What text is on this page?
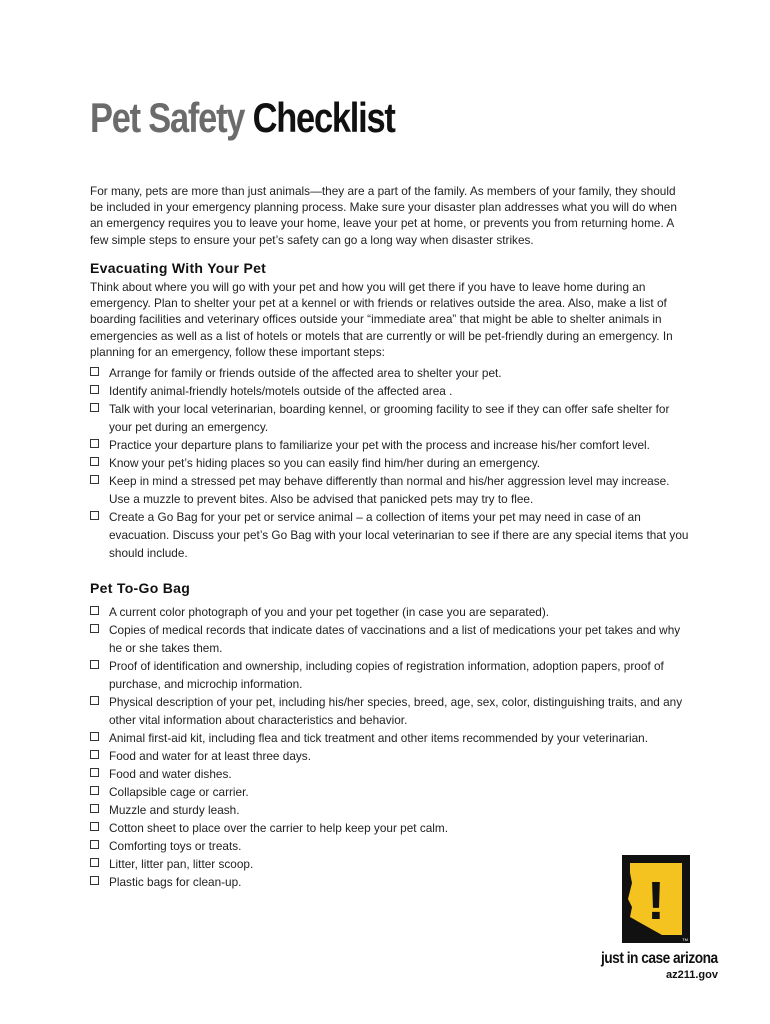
Pet Safety Checklist

For many, pets are more than just animals—they are a part of the family. As members of your family, they should be included in your emergency planning process. Make sure your disaster plan addresses what you will do when an emergency requires you to leave your home, leave your pet at home, or prevents you from returning home. A few simple steps to ensure your pet’s safety can go a long way when disaster strikes.

Evacuating With Your Pet

Think about where you will go with your pet and how you will get there if you have to leave home during an emergency. Plan to shelter your pet at a kennel or with friends or relatives outside the area. Also, make a list of boarding facilities and veterinary offices outside your “immediate area” that might be able to shelter animals in emergencies as well as a list of hotels or motels that are currently or will be pet-friendly during an emergency. In planning for an emergency, follow these important steps:

Arrange for family or friends outside of the affected area to shelter your pet.
Identify animal-friendly hotels/motels outside of the affected area .
Talk with your local veterinarian, boarding kennel, or grooming facility to see if they can offer safe shelter for your pet during an emergency.
Practice your departure plans to familiarize your pet with the process and increase his/her comfort level.
Know your pet’s hiding places so you can easily find him/her during an emergency.
Keep in mind a stressed pet may behave differently than normal and his/her aggression level may increase. Use a muzzle to prevent bites. Also be advised that panicked pets may try to flee.
Create a Go Bag for your pet or service animal – a collection of items your pet may need in case of an evacuation. Discuss your pet’s Go Bag with your local veterinarian to see if there are any special items that you should include.
Pet To-Go Bag
A current color photograph of you and your pet together (in case you are separated).
Copies of medical records that indicate dates of vaccinations and a list of medications your pet takes and why he or she takes them.
Proof of identification and ownership, including copies of registration information, adoption papers, proof of purchase, and microchip information.
Physical description of your pet, including his/her species, breed, age, sex, color, distinguishing traits, and any other vital information about characteristics and behavior.
Animal first-aid kit, including flea and tick treatment and other items recommended by your veterinarian.
Food and water for at least three days.
Food and water dishes.
Collapsible cage or carrier.
Muzzle and sturdy leash.
Cotton sheet to place over the carrier to help keep your pet calm.
Comforting toys or treats.
Litter, litter pan, litter scoop.
Plastic bags for clean-up.	!
TM
just in case arizona
az211.gov
